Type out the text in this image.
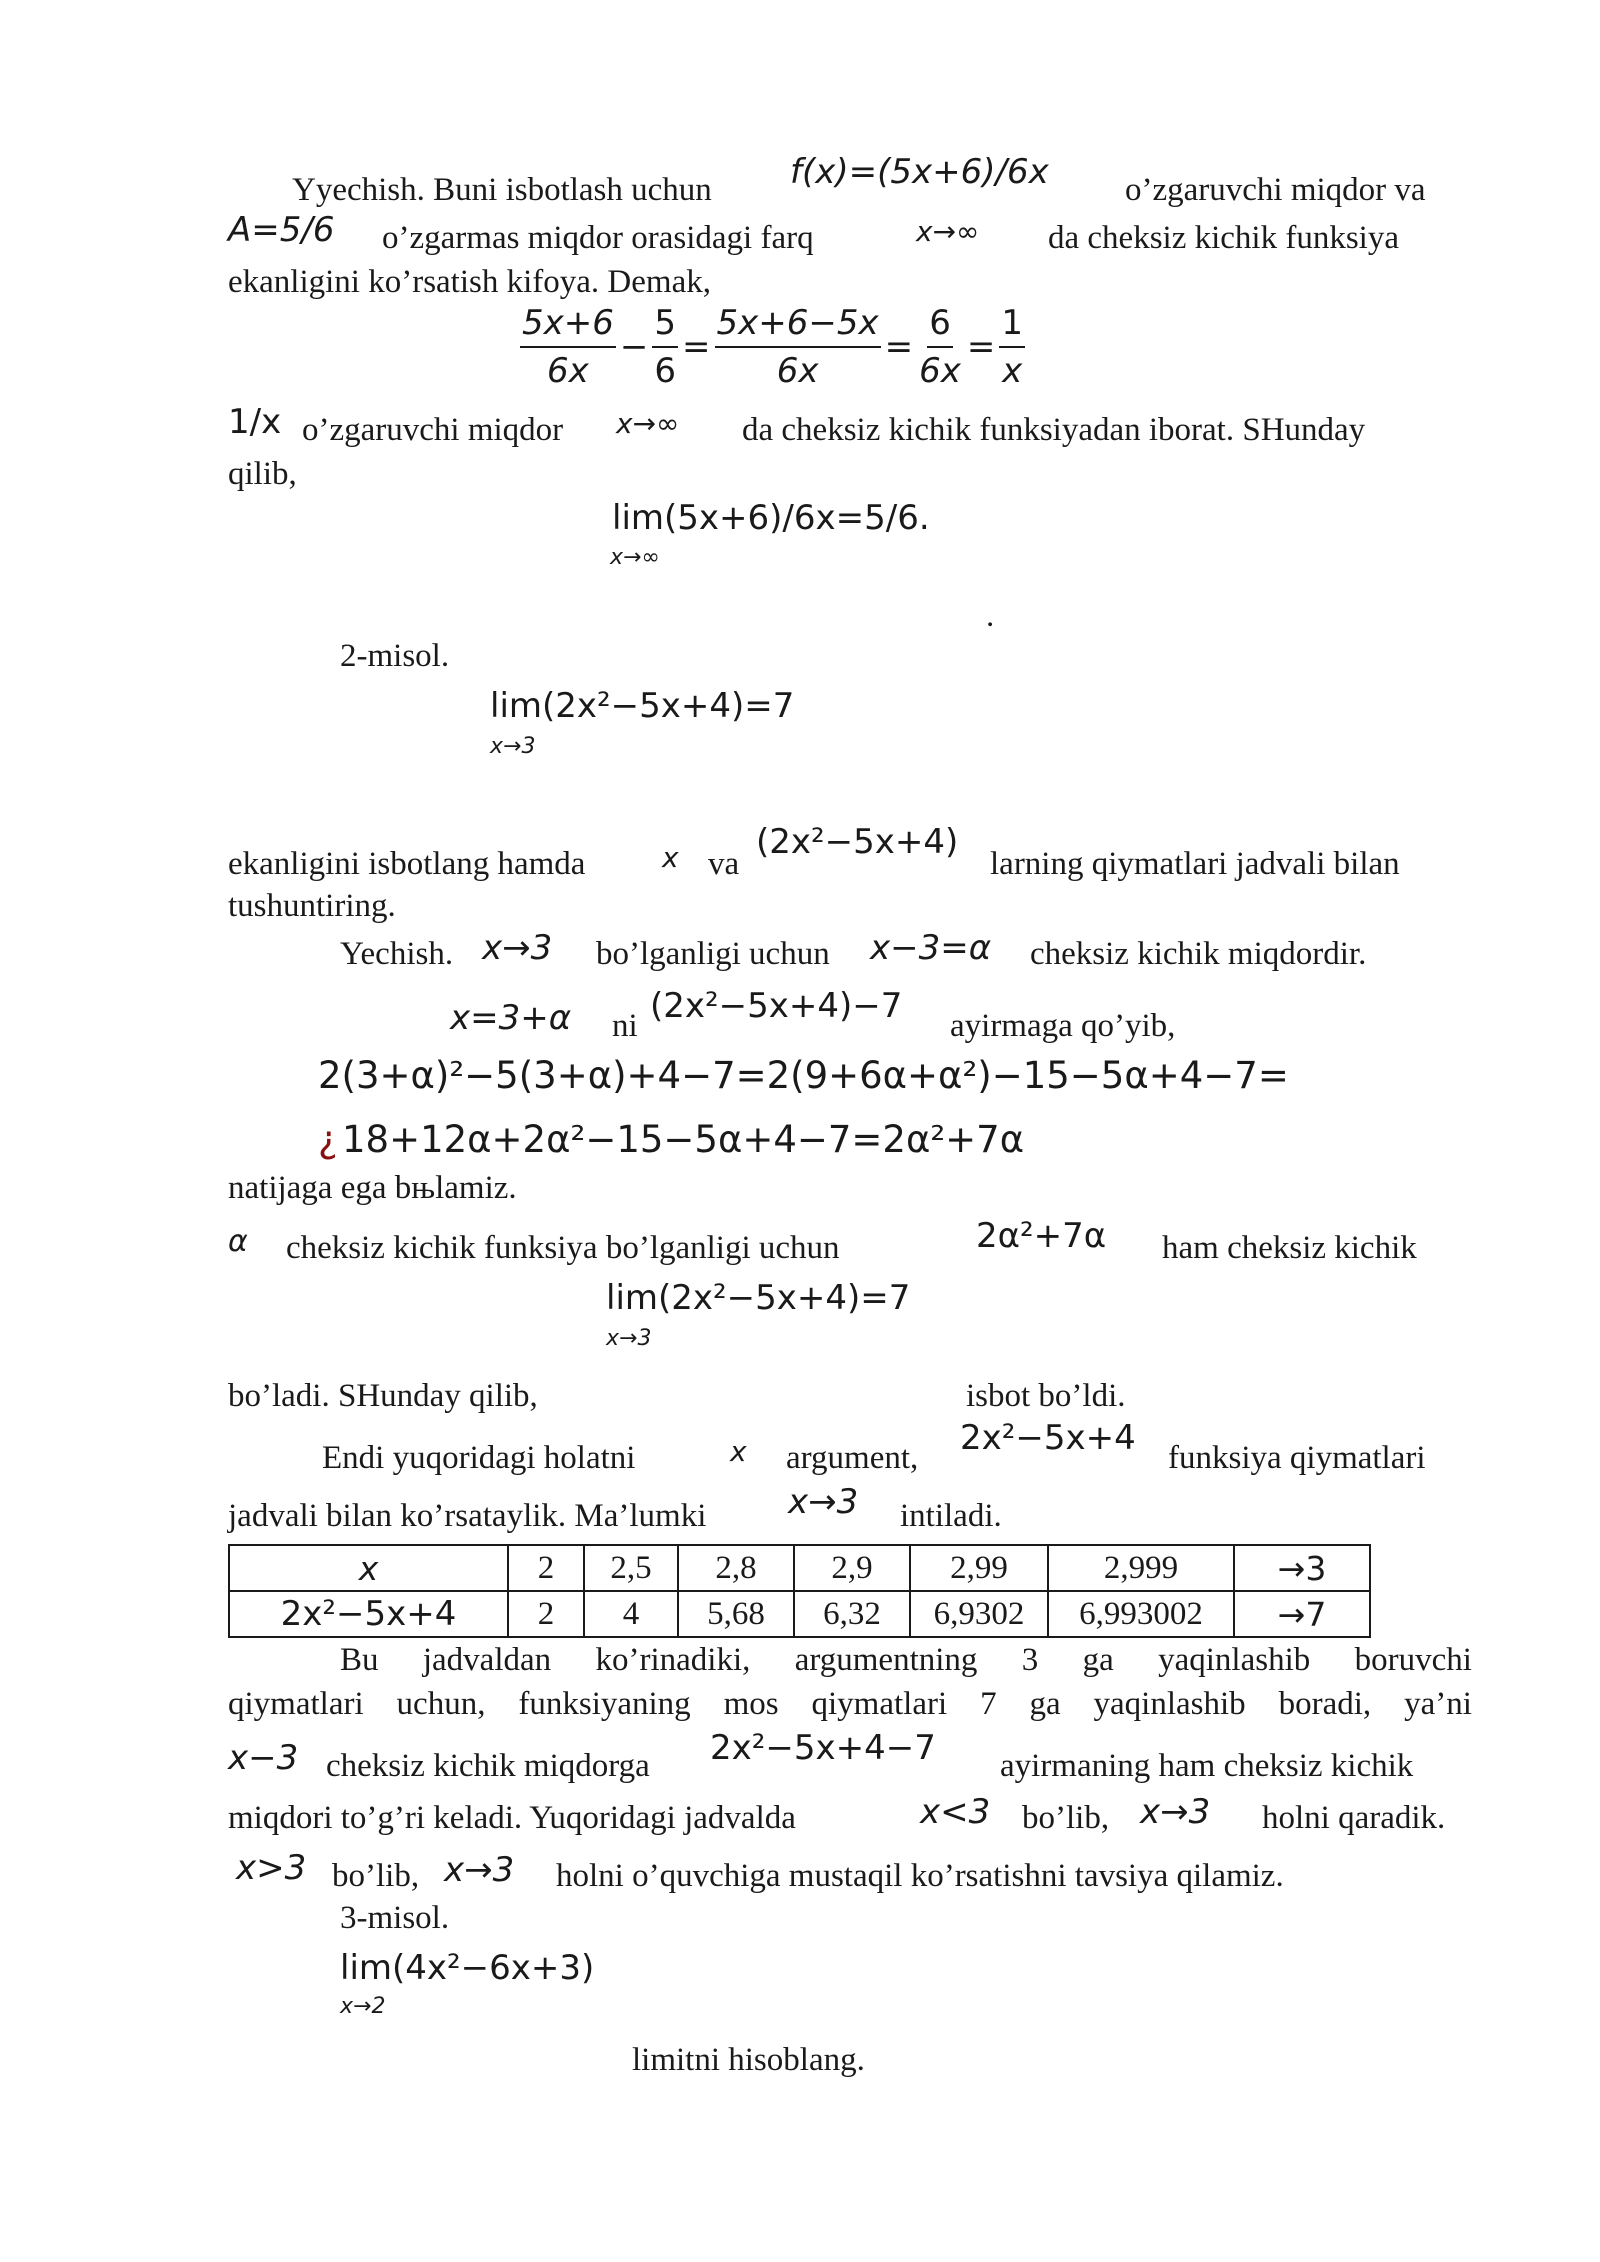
Yyechish. Buni isbotlash uchun f(x)=(5x+6)/6x o’zgaruvchi miqdor va
A=5/6 o’zgarmas miqdor orasidagi farq	x→∞ da cheksiz kichik funksiya
ekanligini ko’rsatish kifoya. Demak,
$\frac{5x+6}{6x} - \frac{5}{6} = \frac{5x+6-5x}{6x} = \frac{6}{6x} = \frac{1}{x}$
1/x o’zgaruvchi miqdor x→∞ da cheksiz kichik funksiyadan iborat. SHunday
qilib,
lim(5x+6)/6x=5/6.
x→∞
.
2-misol.
lim(2x²−5x+4)=7
x→3
ekanligini isbotlang hamda	x va
(2x²−5x+4)
larning qiymatlari jadvali bilan
tushuntiring.
Yechish. x→3 bo’lganligi uchun x−3=α cheksiz kichik miqdordir.
x=3+α ni (2x²−5x+4)−7 ayirmaga qo’yib,
2(3+α)²−5(3+α)+4−7=2(9+6α+α²)−15−5α+4−7=
¿ 18+12α+2α²−15−5α+4−7=2α²+7α
natijaga ega bњlamiz.
α cheksiz kichik funksiya bo’lganligi uchun	2α²+7α ham cheksiz kichik
lim(2x²−5x+4)=7
x→3
bo’ladi. SHunday qilib,	isbot bo’ldi.
Endi yuqoridagi holatni	x argument, 2x²−5x+4 funksiya qiymatlari
jadvali bilan ko’rsataylik. Ma’lumki x→3 intiladi.
x	2	2,5	2,8	2,9	2,99	2,999	→3
2x²−5x+4	2	4	5,68	6,32	6,9302	6,993002	→7
Bu jadvaldan ko’rinadiki, argumentning 3 ga yaqinlashib boruvchi
qiymatlari uchun, funksiyaning mos qiymatlari 7 ga yaqinlashib boradi, ya’ni
x−3 cheksiz kichik miqdorga 2x²−5x+4−7 ayirmaning ham cheksiz kichik
miqdori to’g’ri keladi. Yuqoridagi jadvalda	x<3 bo’lib, x→3 holni qaradik.
x>3 bo’lib, x→3 holni o’quvchiga mustaqil ko’rsatishni tavsiya qilamiz.
3-misol.
lim(4x²−6x+3)
x→2
limitni hisoblang.
